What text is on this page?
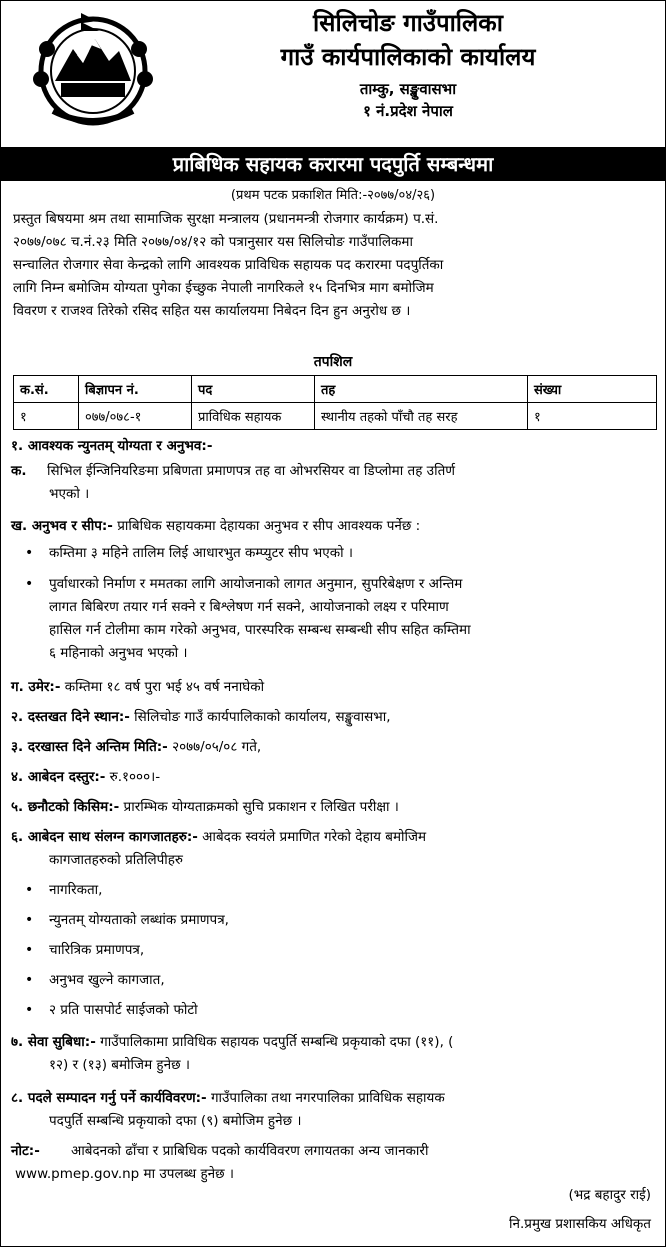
सिलिचोङ गाउँपालिका
गाउँ कार्यपालिकाको कार्यालय
ताम्कु, सङ्खुवासभा
१ नं.प्रदेश नेपाल
प्राबिधिक सहायक करारमा पदपुर्ति सम्बन्धमा
(प्रथम पटक प्रकाशित मिति:-२०७७/०४/२६)
प्रस्तुत बिषयमा श्रम तथा सामाजिक सुरक्षा मन्त्रालय (प्रधानमन्त्री रोजगार कार्यक्रम) प.सं.
२०७७/०७८ च.नं.२३ मिति २०७७/०४/१२ को पत्रानुसार यस सिलिचोङ गाउँपालिकमा
सन्चालित रोजगार सेवा केन्द्रको लागि आवश्यक प्राविधिक सहायक पद करारमा पदपुर्तिका
लागि निम्न बमोजिम योग्यता पुगेका ईच्छुक नेपाली नागरिकले १५ दिनभित्र माग बमोजिम
विवरण र राजश्व तिरेको रसिद सहित यस कार्यालयमा निबेदन दिन हुन अनुरोध छ ।
तपशिल
क.सं.	बिज्ञापन नं.	पद	तह	संख्या
१	०७७/०७८-१	प्राविधिक सहायक	स्थानीय तहको पाँचौ तह सरह	१
१. आवश्यक न्युनतम् योग्यता र अनुभव:-
क. सिभिल ईन्जिनियरिङमा प्रबिणता प्रमाणपत्र तह वा ओभरसियर वा डिप्लोमा तह उतिर्ण
भएको ।
ख. अनुभव र सीप:- प्राबिधिक सहायकमा देहायका अनुभव र सीप आवश्यक पर्नेछ :
• कम्तिमा ३ महिने तालिम लिई आधारभुत कम्प्युटर सीप भएको ।
• पुर्वाधारको निर्माण र ममतका लागि आयोजनाको लागत अनुमान, सुपरिबेक्षण र अन्तिम
लागत बिबिरण तयार गर्न सक्ने र बिश्लेषण गर्न सक्ने, आयोजनाको लक्ष्य र परिमाण
हासिल गर्न टोलीमा काम गरेको अनुभव, पारस्परिक सम्बन्ध सम्बन्धी सीप सहित कम्तिमा
६ महिनाको अनुभव भएको ।
ग. उमेर:- कम्तिमा १८ वर्ष पुरा भई ४५ वर्ष ननाघेको
२. दस्तखत दिने स्थान:- सिलिचोङ गाउँ कार्यपालिकाको कार्यालय, सङ्खुवासभा,
३. दरखास्त दिने अन्तिम मिति:- २०७७/०५/०८ गते,
४. आबेदन दस्तुर:- रु.१०००।-
५. छनौटको किसिम:- प्रारम्भिक योग्यताक्रमको सुचि प्रकाशन र लिखित परीक्षा ।
६. आबेदन साथ संलग्न कागजातहरु:- आबेदक स्वयंले प्रमाणित गरेको देहाय बमोजिम
कागजातहरुको प्रतिलिपीहरु
• नागरिकता,
• न्युनतम् योग्यताको लब्धांक प्रमाणपत्र,
• चारित्रिक प्रमाणपत्र,
• अनुभव खुल्ने कागजात,
• २ प्रति पासपोर्ट साईजको फोटो
७. सेवा सुबिधा:- गाउँपालिकामा प्राविधिक सहायक पदपुर्ति सम्बन्धि प्रकृयाको दफा (११), (
१२) र (१३) बमोजिम हुनेछ ।
८. पदले सम्पादन गर्नु पर्ने कार्यविवरण:- गाउँपालिका तथा नगरपालिका प्राविधिक सहायक
पदपुर्ति सम्बन्धि प्रकृयाको दफा (९) बमोजिम हुनेछ ।
नोट:- आबेदनको ढाँचा र प्राबिधिक पदको कार्यविवरण लगायतका अन्य जानकारी
www.pmep.gov.np मा उपलब्ध हुनेछ ।
(भद्र बहादुर राई)
नि.प्रमुख प्रशासकिय अधिकृत
